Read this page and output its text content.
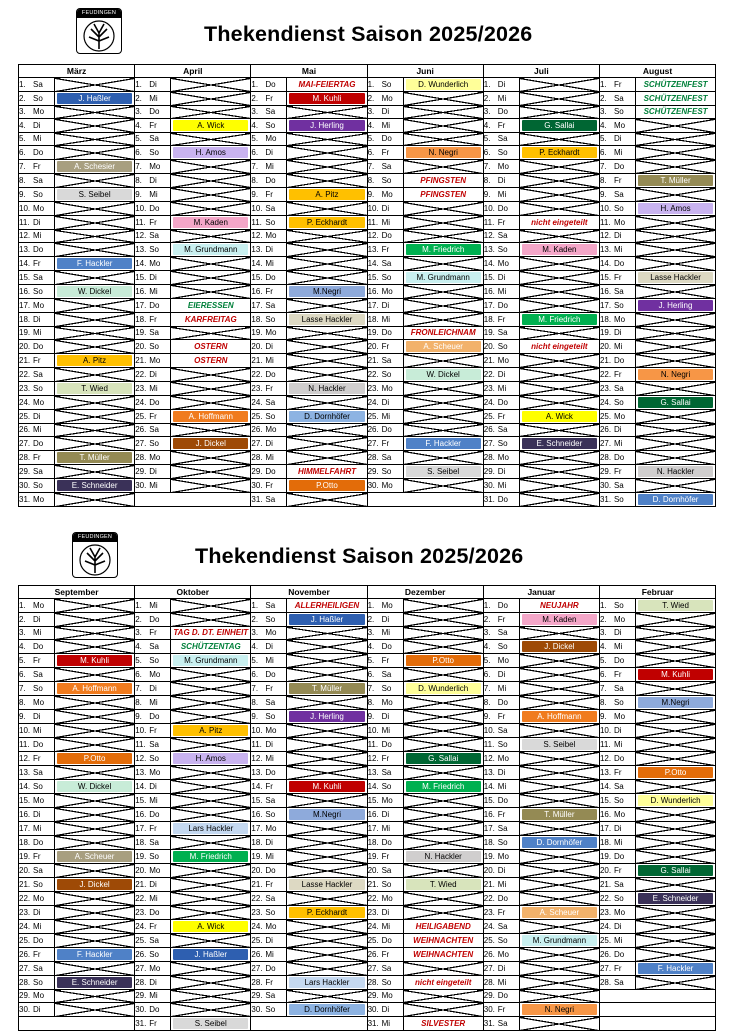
FEUDINGEN
Thekendienst Saison 2025/2026
März		April		Mai		Juni		Juli		August	
1. Sa		1. Di		1. Do	MAI-FEIERTAG	1. So	D. Wunderlich	1. Di		1. Fr	SCHÜTZENFEST
2. So	J. Haßler	2. Mi		2. Fr	M. Kuhli	2. Mo		2. Mi		2. Sa	SCHÜTZENFEST
3. Mo		3. Do		3. Sa		3. Di		3. Do		3. So	SCHÜTZENFEST
4. Di		4. Fr	A. Wick	4. So	J. Herling	4. Mi		4. Fr	G. Sallai	4. Mo	
5. Mi		5. Sa		5. Mo		5. Do		5. Sa		5. Di	
6. Do		6. So	H. Amos	6. Di		6. Fr	N. Negri	6. So	P. Eckhardt	6. Mi	
7. Fr	A. Schesier	7. Mo		7. Mi		7. Sa		7. Mo		7. Do	
8. Sa		8. Di		8. Do		8. So	PFINGSTEN	8. Di		8. Fr	T. Müller

9. So	S. Seibel	9. Mi		9. Fr	A. Pitz	9. Mo	PFINGSTEN	9. Mi		9. Sa	
10. Mo		10. Do		10. Sa		10. Di		10. Do		10. So	H. Amos

11. Di		11. Fr	M. Kaden	11. So	P. Eckhardt	11. Mi		11. Fr	nicht eingeteilt	11. Mo	
12. Mi		12. Sa		12. Mo		12. Do		12. Sa		12. Di	
13. Do		13. So	M. Grundmann	13. Di		13. Fr	M. Friedrich	13. So	M. Kaden	13. Mi	
14. Fr	F. Hackler	14. Mo		14. Mi		14. Sa		14. Mo		14. Do	
15. Sa		15. Di		15. Do		15. So	M. Grundmann	15. Di		15. Fr	Lasse Hackler

16. So	W. Dickel	16. Mi		16. Fr	M.Negri	16. Mo		16. Mi		16. Sa	
17. Mo		17. Do	EIERESSEN	17. Sa		17. Di		17. Do		17. So	J. Herling

18. Di		18. Fr	KARFREITAG	18. So	Lasse Hackler	18. Mi		18. Fr	M. Friedrich	18. Mo	
19. Mi		19. Sa		19. Mo		19. Do	FRONLEICHNAM	19. Sa		19. Di	
20. Do		20. So	OSTERN	20. Di		20. Fr	A. Scheuer	20. So	nicht eingeteilt	20. Mi	
21. Fr	A. Pitz	21. Mo	OSTERN	21. Mi		21. Sa		21. Mo		21. Do	
22. Sa		22. Di		22. Do		22. So	W. Dickel	22. Di		22. Fr	N. Negri

23. So	T. Wied	23. Mi		23. Fr	N. Hackler	23. Mo		23. Mi		23. Sa	
24. Mo		24. Do		24. Sa		24. Di		24. Do		24. So	G. Sallai

25. Di		25. Fr	A. Hoffmann	25. So	D. Dornhöfer	25. Mi		25. Fr	A. Wick	25. Mo	
26. Mi		26. Sa		26. Mo		26. Do		26. Sa		26. Di	
27. Do		27. So	J. Dickel	27. Di		27. Fr	F. Hackler	27. So	E. Schneider	27. Mi	
28. Fr	T. Müller	28. Mo		28. Mi		28. Sa		28. Mo		28. Do	
29. Sa		29. Di		29. Do	HIMMELFAHRT	29. So	S. Seibel	29. Di		29. Fr	N. Hackler

30. So	E. Schneider	30. Mi		30. Fr	P.Otto	30. Mo		30. Mi		30. Sa	
31. Mo				31. Sa				31. Do		31. So	D. Dornhöfer
FEUDINGEN
Thekendienst Saison 2025/2026
September		Oktober		November		Dezember		Januar		Februar	
1. Mo		1. Mi		1. Sa	ALLERHEILIGEN	1. Mo		1. Do	NEUJAHR	1. So	T. Wied

2. Di		2. Do		2. So	J. Haßler	2. Di		2. Fr	M. Kaden	2. Mo	
3. Mi		3. Fr	TAG D. DT. EINHEIT	3. Mo		3. Mi		3. Sa		3. Di	
4. Do		4. Sa	SCHÜTZENTAG	4. Di		4. Do		4. So	J. Dickel	4. Mi	
5. Fr	M. Kuhli	5. So	M. Grundmann	5. Mi		5. Fr	P.Otto	5. Mo		5. Do	
6. Sa		6. Mo		6. Do		6. Sa		6. Di		6. Fr	M. Kuhli

7. So	A. Hoffmann	7. Di		7. Fr	T. Müller	7. So	D. Wunderlich	7. Mi		7. Sa	
8. Mo		8. Mi		8. Sa		8. Mo		8. Do		8. So	M.Negri

9. Di		9. Do		9. So	J. Herling	9. Di		9. Fr	A. Hoffmann	9. Mo	
10. Mi		10. Fr	A. Pitz	10. Mo		10. Mi		10. Sa		10. Di	
11. Do		11. Sa		11. Di		11. Do		11. So	S. Seibel	11. Mi	
12. Fr	P.Otto	12. So	H. Amos	12. Mi		12. Fr	G. Sallai	12. Mo		12. Do	
13. Sa		13. Mo		13. Do		13. Sa		13. Di		13. Fr	P.Otto

14. So	W. Dickel	14. Di		14. Fr	M. Kuhli	14. So	M. Friedrich	14. Mi		14. Sa	
15. Mo		15. Mi		15. Sa		15. Mo		15. Do		15. So	D. Wunderlich

16. Di		16. Do		16. So	M.Negri	16. Di		16. Fr	T. Müller	16. Mo	
17. Mi		17. Fr	Lars Hackler	17. Mo		17. Mi		17. Sa		17. Di	
18. Do		18. Sa		18. Di		18. Do		18. So	D. Dornhöfer	18. Mi	
19. Fr	A. Scheuer	19. So	M. Friedrich	19. Mi		19. Fr	N. Hackler	19. Mo		19. Do	
20. Sa		20. Mo		20. Do		20. Sa		20. Di		20. Fr	G. Sallai

21. So	J. Dickel	21. Di		21. Fr	Lasse Hackler	21. So	T. Wied	21. Mi		21. Sa	
22. Mo		22. Mi		22. Sa		22. Mo		22. Do		22. So	E. Schneider

23. Di		23. Do		23. So	P. Eckhardt	23. Di		23. Fr	A. Scheuer	23. Mo	
24. Mi		24. Fr	A. Wick	24. Mo		24. Mi	HEILIGABEND	24. Sa		24. Di	
25. Do		25. Sa		25. Di		25. Do	WEIHNACHTEN	25. So	M. Grundmann	25. Mi	
26. Fr	F. Hackler	26. So	J. Haßler	26. Mi		26. Fr	WEIHNACHTEN	26. Mo		26. Do	
27. Sa		27. Mo		27. Do		27. Sa		27. Di		27. Fr	F. Hackler

28. So	E. Schneider	28. Di		28. Fr	Lars Hackler	28. So	nicht eingeteilt	28. Mi		28. Sa	
29. Mo		29. Mi		29. Sa		29. Mo		29. Do			
30. Di		30. Do		30. So	D. Dornhöfer	30. Di		30. Fr	N. Negri		

		31. Fr	S. Seibel			31. Mi	SILVESTER	31. Sa			
